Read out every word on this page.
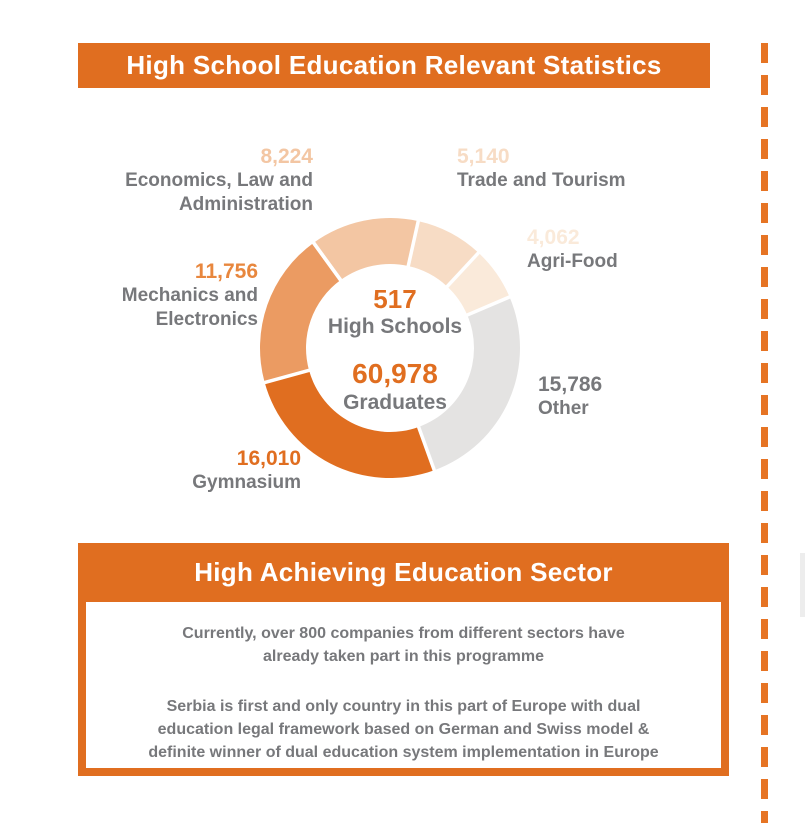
High School Education Relevant Statistics
517
High Schools
60,978
Graduates
8,224
Economics, Law and
Administration
5,140
Trade and Tourism
4,062
Agri-Food
15,786
Other
16,010
Gymnasium
11,756
Mechanics and
Electronics
High Achieving Education Sector
Currently, over 800 companies from different sectors have
already taken part in this programme
Serbia is first and only country in this part of Europe with dual
education legal framework based on German and Swiss model &
definite winner of dual education system implementation in Europe
